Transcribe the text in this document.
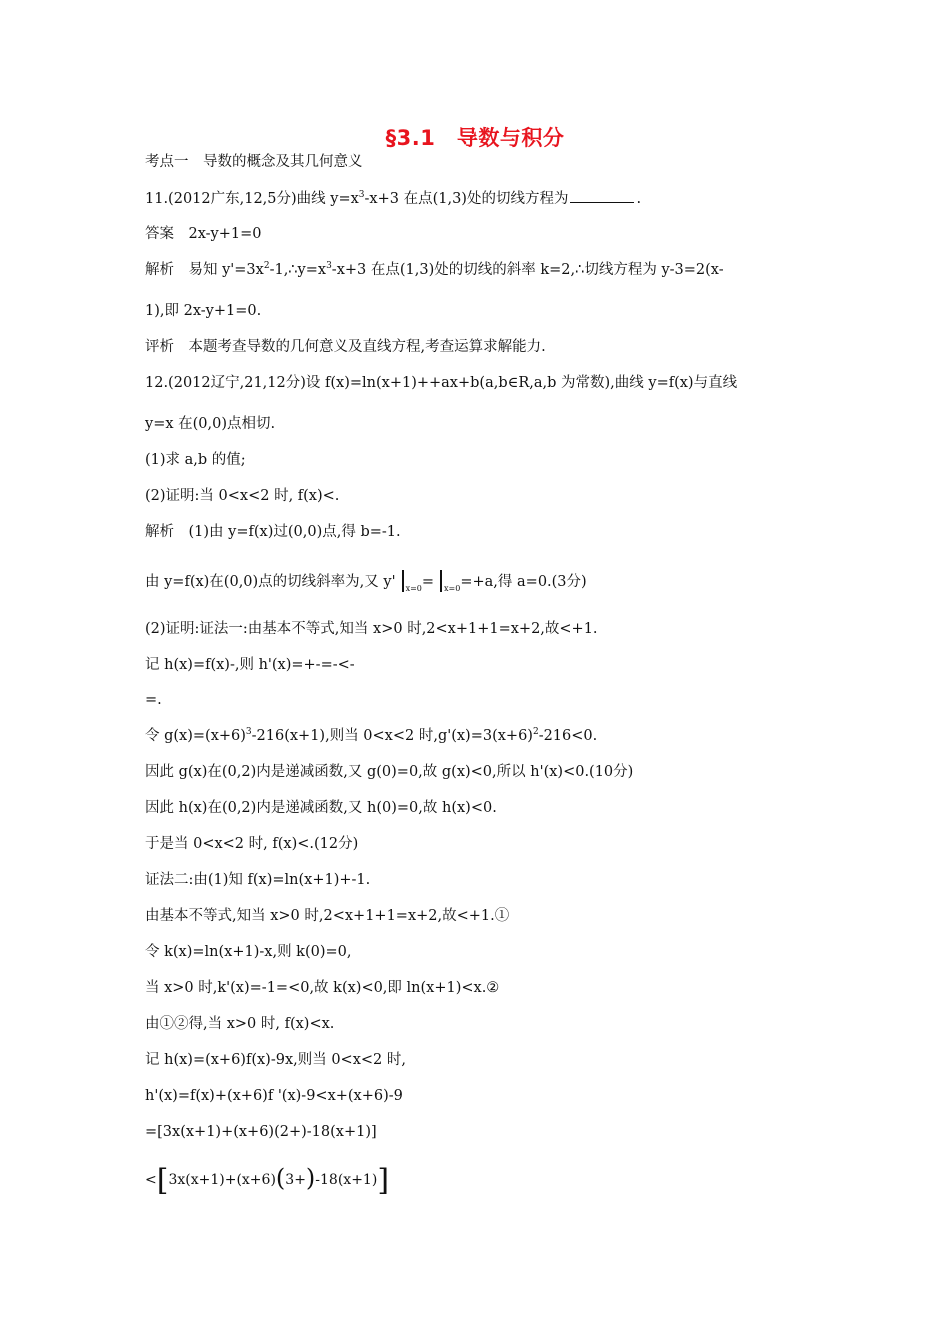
§3.1　导数与积分
考点一　导数的概念及其几何意义
11.(2012广东,12,5分)曲线 $y=x^3-x+3$ 在点(1,3)处的切线方程为	.
答案　2x-y+1=0
解析　易知 $y'=3x^2-1,\therefore y=x^3-x+3$ 在点(1,3)处的切线的斜率 k=2,∴切线方程为 y-3=2(x-
1),即 2x-y+1=0.
评析　本题考查导数的几何意义及直线方程,考查运算求解能力.
12.(2012辽宁,21,12分)设 f(x)=ln(x+1)++ax+b(a,b∈R,a,b 为常数),曲线 y=f(x)与直线
y=x 在(0,0)点相切.
(1)求 a,b 的值;
(2)证明:当 0<x<2 时, f(x)<.
解析　(1)由 y=f(x)过(0,0)点,得 b=-1.
由 y=f(x)在(0,0)点的切线斜率为,又 y' $_{x=0}$= $_{x=0}$=+a,得 a=0.(3分)
(2)证明:证法一:由基本不等式,知当 x>0 时,2<x+1+1=x+2,故<+1.
记 h(x)=f(x)-,则 h'(x)=+-=-<-
=.
令 $g(x)=(x+6)^3-216(x+1)$,则当 0<x<2 时$,g'(x)=3(x+6)^2-216<0$.
因此 g(x)在(0,2)内是递减函数,又 g(0)=0,故 g(x)<0,所以 h'(x)<0.(10分)
因此 h(x)在(0,2)内是递减函数,又 h(0)=0,故 h(x)<0.
于是当 0<x<2 时, f(x)<.(12分)
证法二:由(1)知 f(x)=ln(x+1)+-1.
由基本不等式,知当 x>0 时,2<x+1+1=x+2,故<+1.①
令 k(x)=ln(x+1)-x,则 k(0)=0,
当 x>0 时,k'(x)=-1=<0,故 k(x)<0,即 ln(x+1)<x.②
由①②得,当 x>0 时, f(x)<x.
记 h(x)=(x+6)f(x)-9x,则当 0<x<2 时,
h'(x)=f(x)+(x+6)f '(x)-9<x+(x+6)-9
=[3x(x+1)+(x+6)(2+)-18(x+1)]
<[3x(x+1)+(x+6)(3+)-18(x+1)]
